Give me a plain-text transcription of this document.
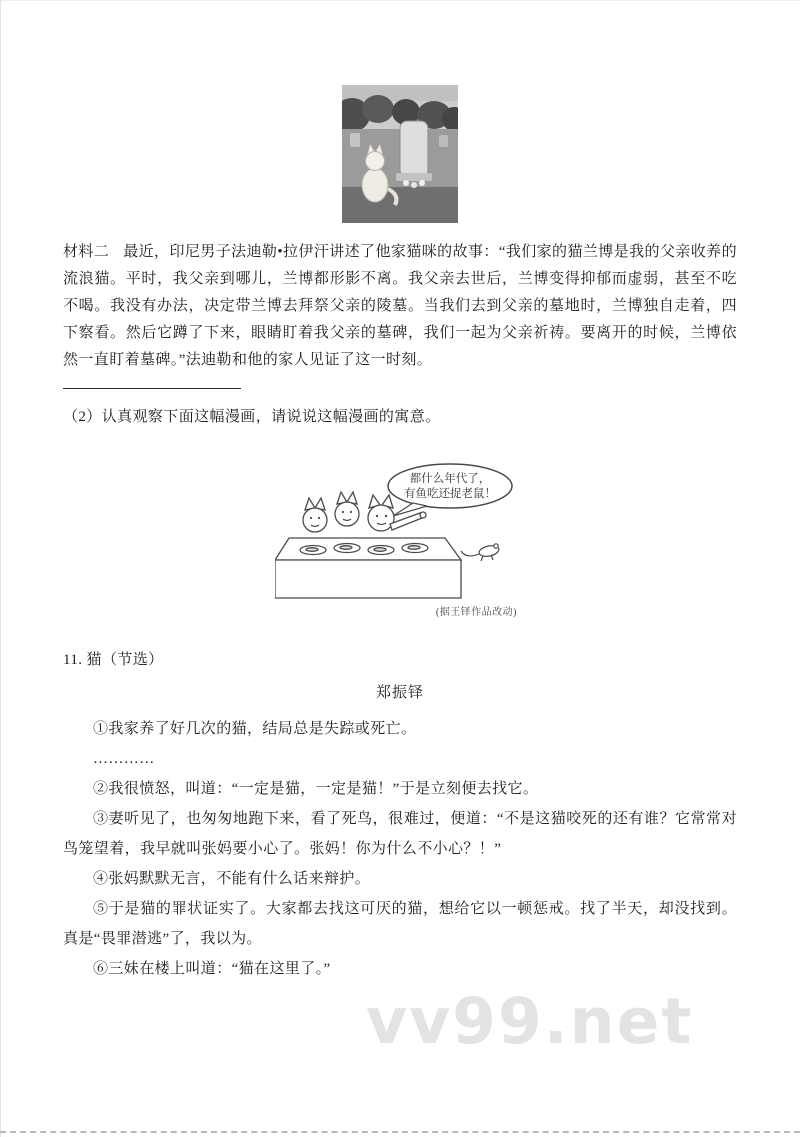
vv99.net

材料二 最近，印尼男子法迪勒•拉伊汗讲述了他家猫咪的故事：“我们家的猫兰博是我的父亲收养的流浪猫。平时，我父亲到哪儿，兰博都形影不离。我父亲去世后，兰博变得抑郁而虚弱，甚至不吃不喝。我没有办法，决定带兰博去拜祭父亲的陵墓。当我们去到父亲的墓地时，兰博独自走着，四下察看。然后它蹲了下来，眼睛盯着我父亲的墓碑，我们一起为父亲祈祷。要离开的时候，兰博依然一直盯着墓碑。”法迪勒和他的家人见证了这一时刻。

（2）认真观察下面这幅漫画，请说说这幅漫画的寓意。

都什么年代了，
有鱼吃还捉老鼠！
(据王铎作品改动)

11. 猫（节选）

郑振铎

①我家养了好几次的猫，结局总是失踪或死亡。

…………

②我很愤怒，叫道：“一定是猫，一定是猫！”于是立刻便去找它。

③妻听见了，也匆匆地跑下来，看了死鸟，很难过，便道：“不是这猫咬死的还有谁？它常常对鸟笼望着，我早就叫张妈要小心了。张妈！你为什么不小心？！”

④张妈默默无言，不能有什么话来辩护。

⑤于是猫的罪状证实了。大家都去找这可厌的猫，想给它以一顿惩戒。找了半天，却没找到。真是“畏罪潜逃”了，我以为。

⑥三妹在楼上叫道：“猫在这里了。”
